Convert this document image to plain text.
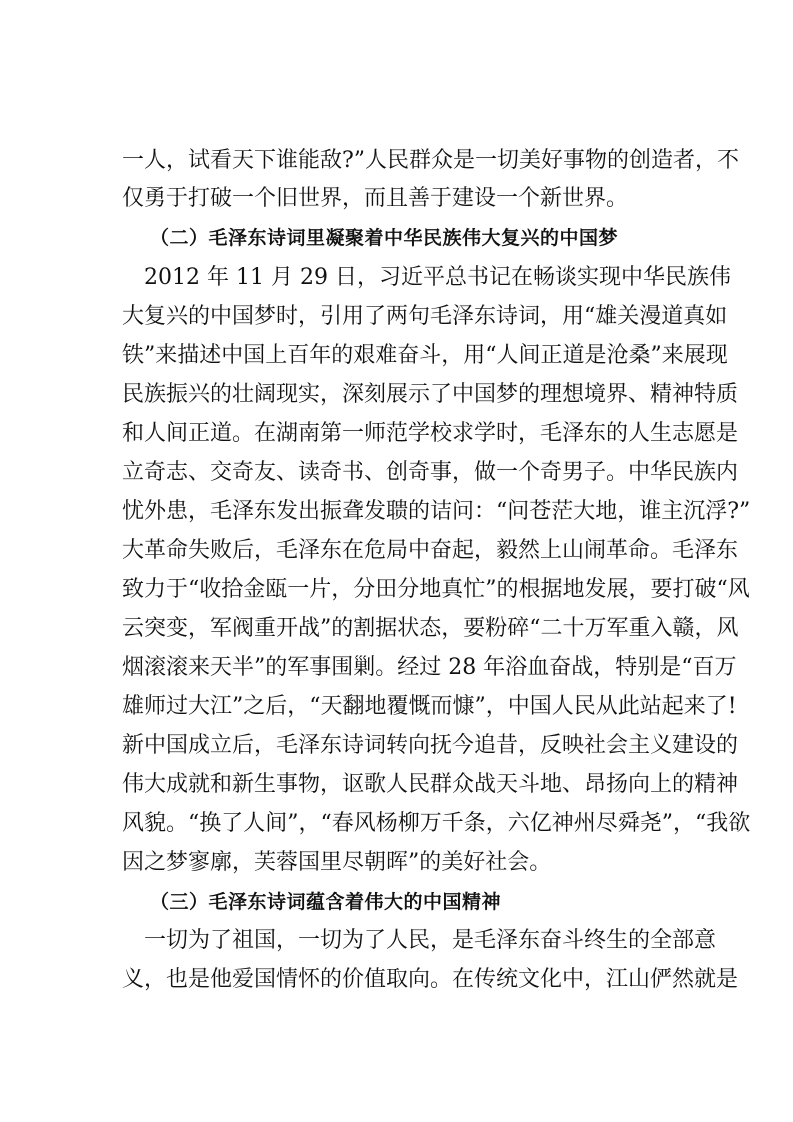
一人，试看天下谁能敌?”人民群众是一切美好事物的创造者，不
仅勇于打破一个旧世界，而且善于建设一个新世界。
（二）毛泽东诗词里凝聚着中华民族伟大复兴的中国梦
　2012 年 11 月 29 日，习近平总书记在畅谈实现中华民族伟
大复兴的中国梦时，引用了两句毛泽东诗词，用“雄关漫道真如
铁”来描述中国上百年的艰难奋斗，用“人间正道是沧桑”来展现
民族振兴的壮阔现实，深刻展示了中国梦的理想境界、精神特质
和人间正道。在湖南第一师范学校求学时，毛泽东的人生志愿是
立奇志、交奇友、读奇书、创奇事，做一个奇男子。中华民族内
忧外患，毛泽东发出振聋发聩的诘问：“问苍茫大地，谁主沉浮?”
大革命失败后，毛泽东在危局中奋起，毅然上山闹革命。毛泽东
致力于“收拾金瓯一片，分田分地真忙”的根据地发展，要打破“风
云突变，军阀重开战”的割据状态，要粉碎“二十万军重入赣，风
烟滚滚来天半”的军事围剿。经过 28 年浴血奋战，特别是“百万
雄师过大江”之后，“天翻地覆慨而慷”，中国人民从此站起来了!
新中国成立后，毛泽东诗词转向抚今追昔，反映社会主义建设的
伟大成就和新生事物，讴歌人民群众战天斗地、昂扬向上的精神
风貌。“换了人间”，“春风杨柳万千条，六亿神州尽舜尧”，“我欲
因之梦寥廓，芙蓉国里尽朝晖”的美好社会。
（三）毛泽东诗词蕴含着伟大的中国精神
　一切为了祖国，一切为了人民，是毛泽东奋斗终生的全部意
义，也是他爱国情怀的价值取向。在传统文化中，江山俨然就是
